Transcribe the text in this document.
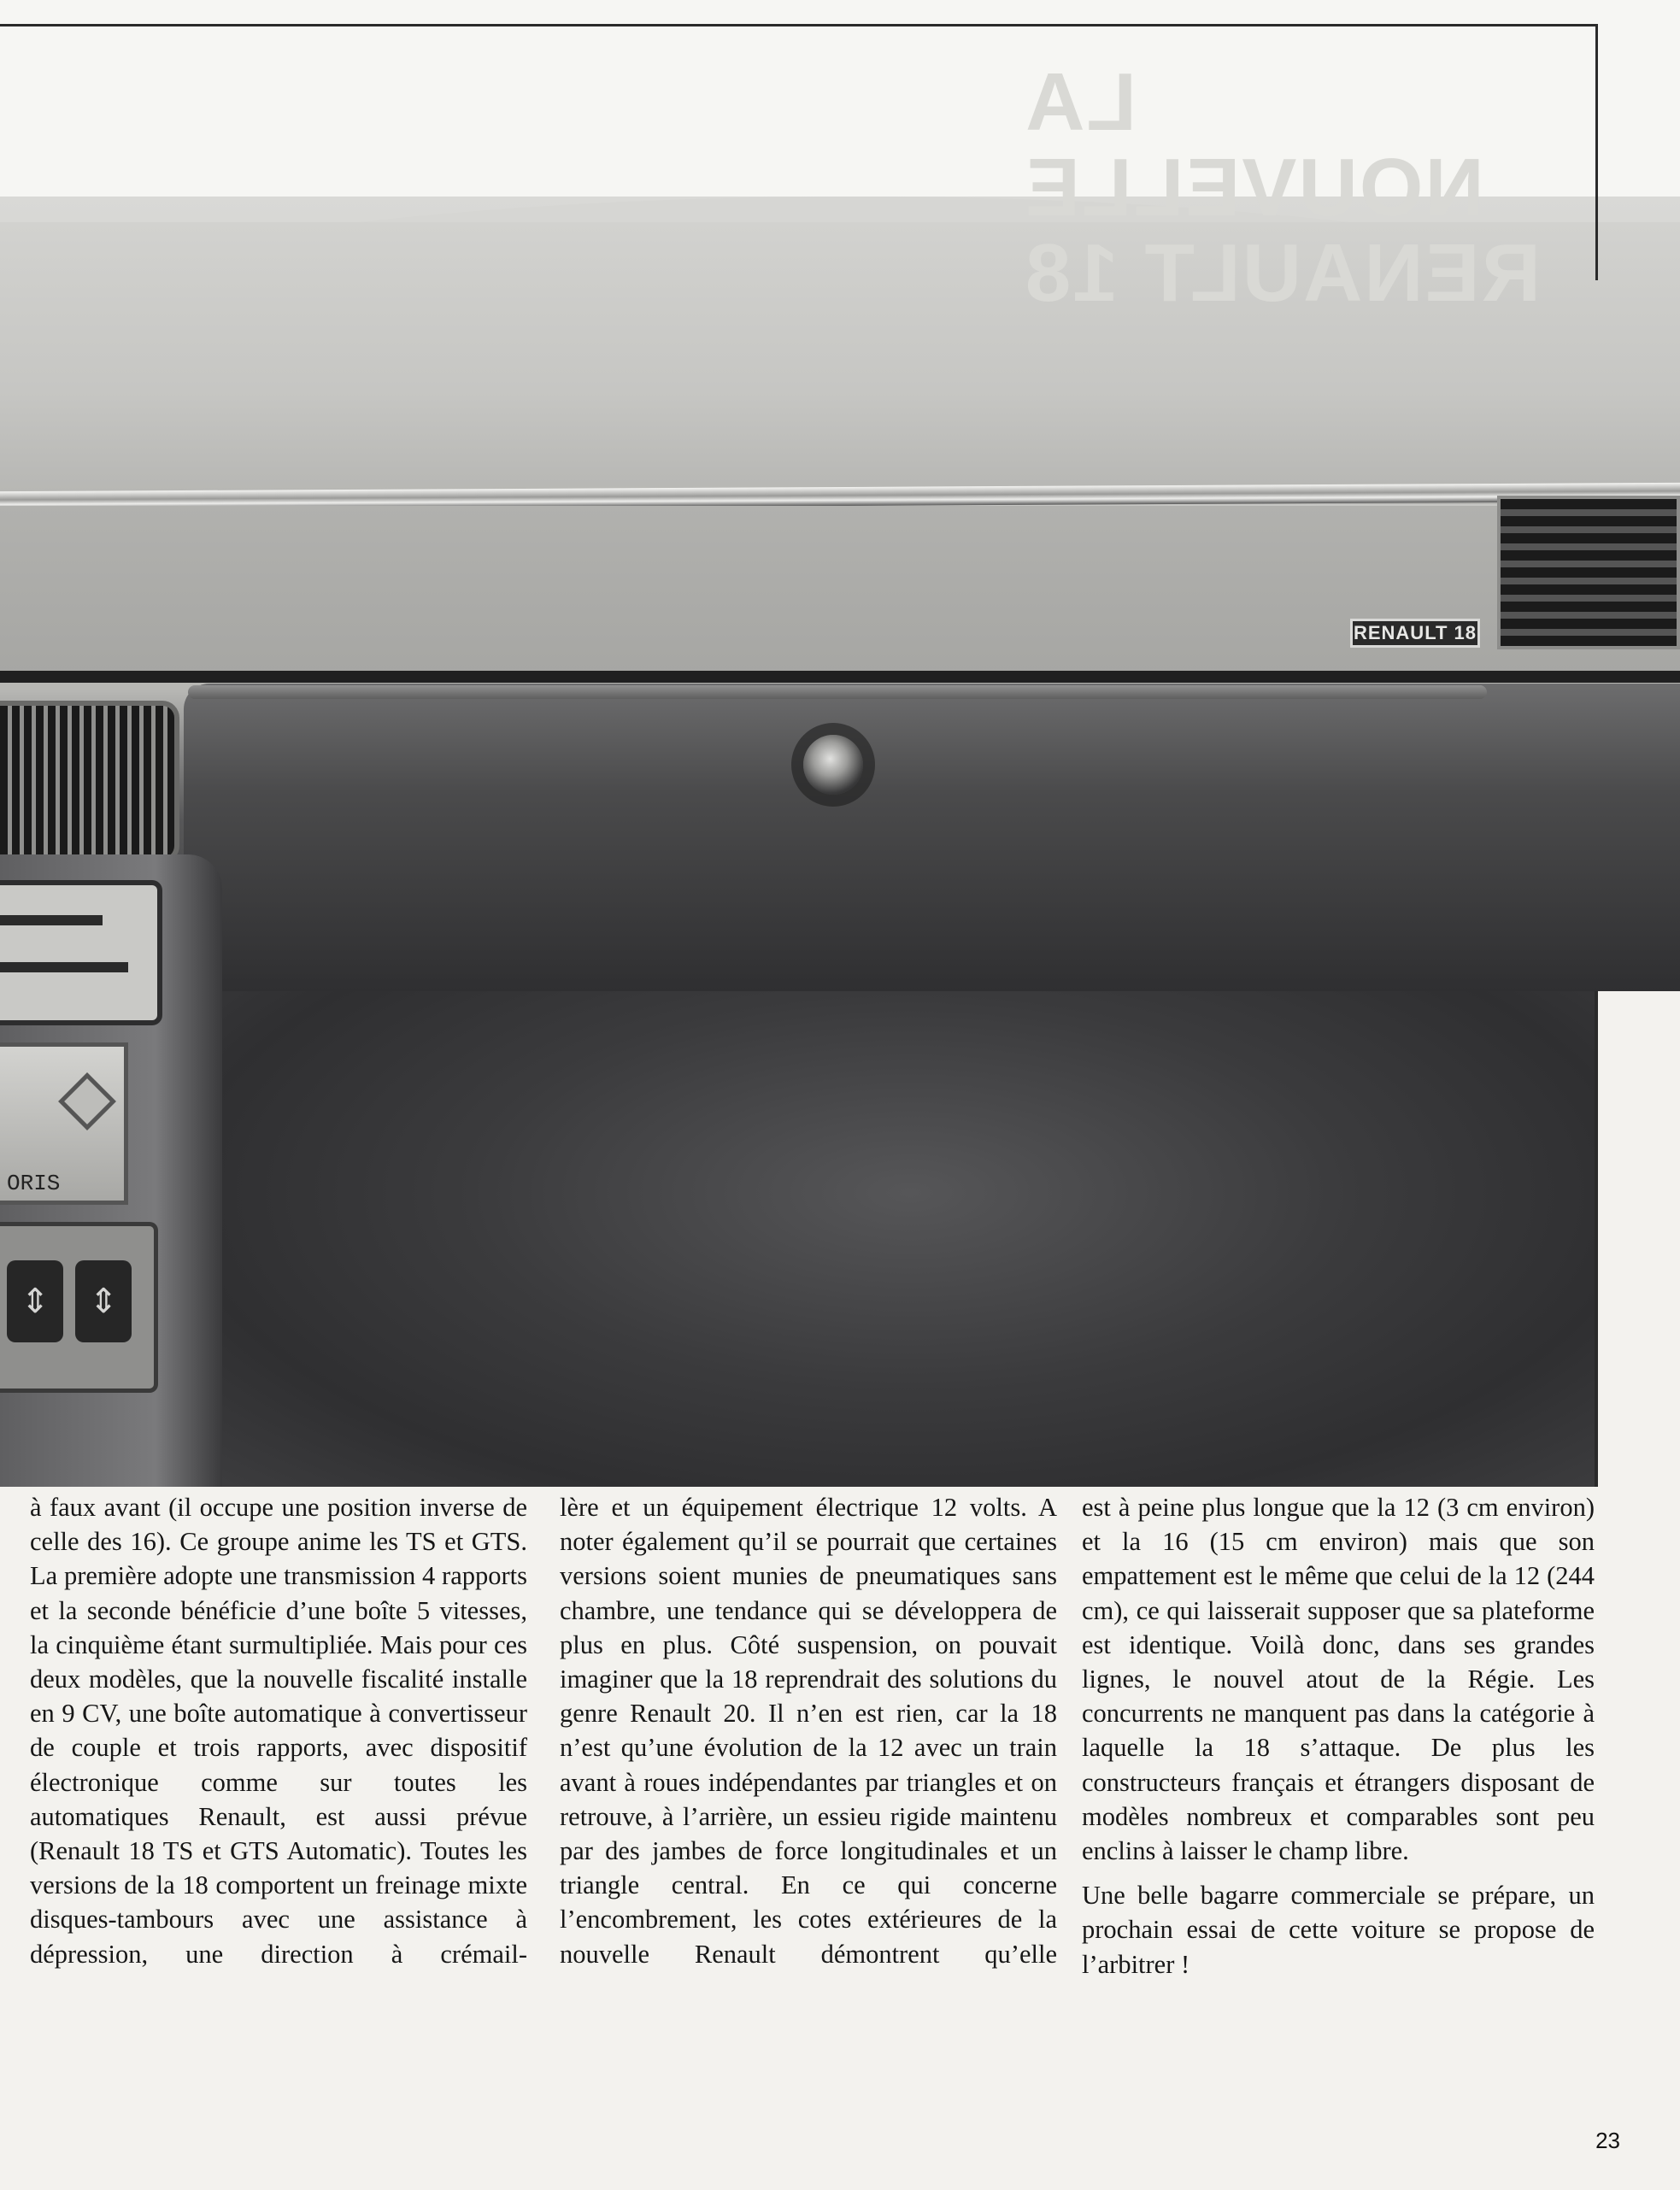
RENAULT 18
ORIS
⇕	⇕
LA NOUVELLE RENAULT 18

à faux avant (il occupe une position inverse de celle des 16). Ce groupe anime les TS et GTS. La première adopte une transmission 4 rapports et la seconde bénéficie d’une boîte 5 vitesses, la cinquième étant surmultipliée. Mais pour ces deux modèles, que la nouvelle fiscalité installe en 9 CV, une boîte automatique à convertisseur de couple et trois rapports, avec dispositif électronique comme sur toutes les automatiques Renault, est aussi prévue (Renault 18 TS et GTS Automatic). Toutes les versions de la 18 comportent un freinage mixte disques-tambours avec une assistance à dépression, une direction à crémail-

lère et un équipement électrique 12 volts. A noter également qu’il se pourrait que certaines versions soient munies de pneumatiques sans chambre, une tendance qui se développera de plus en plus. Côté suspension, on pouvait imaginer que la 18 reprendrait des solutions du genre Renault 20. Il n’en est rien, car la 18 n’est qu’une évolution de la 12 avec un train avant à roues indépendantes par triangles et on retrouve, à l’arrière, un essieu rigide maintenu par des jambes de force longitudinales et un triangle central. En ce qui concerne l’encombrement, les cotes extérieures de la nouvelle Renault démontrent qu’elle

est à peine plus longue que la 12 (3 cm environ) et la 16 (15 cm environ) mais que son empattement est le même que celui de la 12 (244 cm), ce qui laisserait supposer que sa plateforme est identique. Voilà donc, dans ses grandes lignes, le nouvel atout de la Régie. Les concurrents ne manquent pas dans la catégorie à laquelle la 18 s’attaque. De plus les constructeurs français et étrangers disposant de modèles nombreux et comparables sont peu enclins à laisser le champ libre.

Une belle bagarre commerciale se prépare, un prochain essai de cette voiture se propose de l’arbitrer !

23
